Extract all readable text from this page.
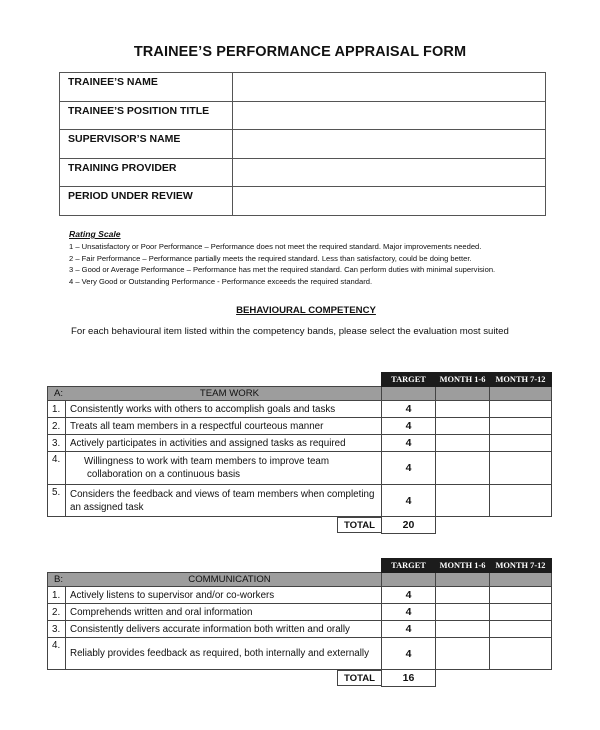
TRAINEE’S PERFORMANCE APPRAISAL FORM
TRAINEE’S NAME	
TRAINEE’S POSITION TITLE	
SUPERVISOR’S NAME	
TRAINING PROVIDER	
PERIOD UNDER REVIEW	
Rating Scale
1 – Unsatisfactory or Poor Performance – Performance does not meet the required standard. Major improvements needed.
2 – Fair Performance – Performance partially meets the required standard. Less than satisfactory, could be doing better.
3 – Good or Average Performance – Performance has met the required standard. Can perform duties with minimal supervision.
4 – Very Good or Outstanding Performance - Performance exceeds the required standard.
BEHAVIOURAL COMPETENCY
For each behavioural item listed within the competency bands, please select the evaluation most suited
		TARGET	MONTH 1-6	MONTH 7-12

A: TEAM WORK				

1.	Consistently works with others to accomplish goals and tasks	4		
2.	Treats all team members in a respectful courteous manner	4		
3.	Actively participates in activities and assigned tasks as required	4		
4.	Willingness to work with team members to improve team collaboration on a continuous basis	4		
5.	Considers the feedback and views of team members when completing an assigned task	4		
	TOTAL	20		
		TARGET	MONTH 1-6	MONTH 7-12

B: COMMUNICATION				

1.	Actively listens to supervisor and/or co-workers	4		
2.	Comprehends written and oral information	4		
3.	Consistently delivers accurate information both written and orally	4		
4.	Reliably provides feedback as required, both internally and externally	4		
	TOTAL	16		
